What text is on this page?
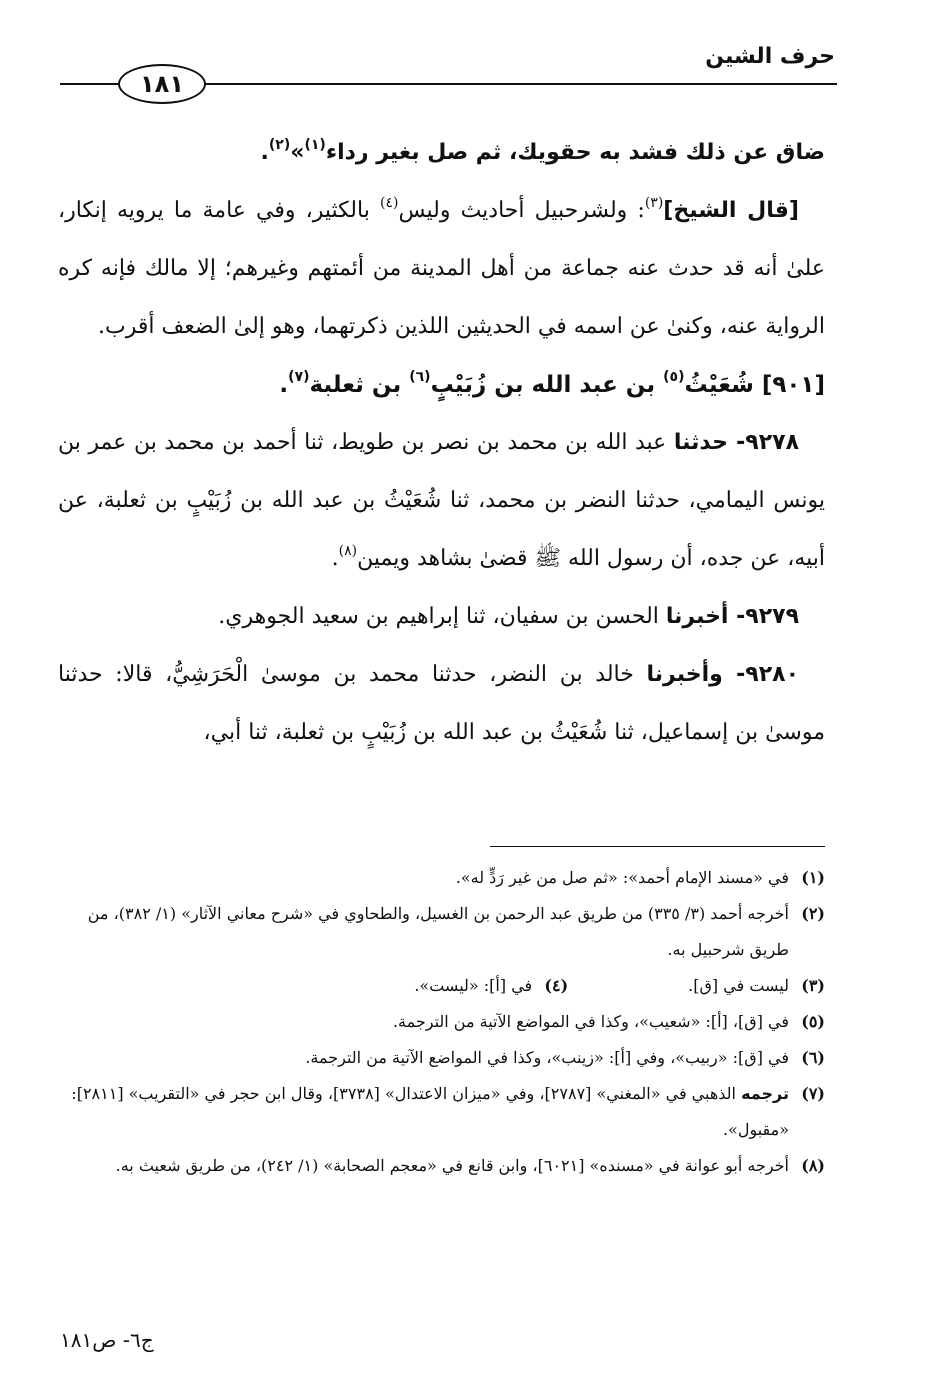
حرف الشين
١٨١

ضاق عن ذلك فشد به حقويك، ثم صل بغير رداء$^{(١)}$»$^{(٢)}$.

[قال الشيخ]$^{(٣)}$: ولشرحبيل أحاديث وليس$^{(٤)}$ بالكثير، وفي عامة ما يرويه إنكار، علىٰ أنه قد حدث عنه جماعة من أهل المدينة من أئمتهم وغيرهم؛ إلا مالك فإنه كره الرواية عنه، وكنىٰ عن اسمه في الحديثين اللذين ذكرتهما، وهو إلىٰ الضعف أقرب.

[٩٠١] شُعَيْثُ$^{(٥)}$ بن عبد الله بن زُبَيْبٍ$^{(٦)}$ بن ثعلبة$^{(٧)}$.

٩٢٧٨- حدثنا عبد الله بن محمد بن نصر بن طويط، ثنا أحمد بن محمد بن عمر بن يونس اليمامي، حدثنا النضر بن محمد، ثنا شُعَيْثُ بن عبد الله بن زُبَيْبٍ بن ثعلبة، عن أبيه، عن جده، أن رسول الله ﷺ قضىٰ بشاهد ويمين$^{(٨)}$.

٩٢٧٩- أخبرنا الحسن بن سفيان، ثنا إبراهيم بن سعيد الجوهري.

٩٢٨٠- وأخبرنا خالد بن النضر، حدثنا محمد بن موسىٰ الْحَرَشِيُّ، قالا: حدثنا موسىٰ بن إسماعيل، ثنا شُعَيْثُ بن عبد الله بن زُبَيْبٍ بن ثعلبة، ثنا أبي،

(١)
في «مسند الإمام أحمد»: «ثم صل من غير رَدٍّ له».

(٢)
أخرجه أحمد (٣/ ٣٣٥) من طريق عبد الرحمن بن الغسيل، والطحاوي في «شرح معاني الآثار» (١/ ٣٨٢)، من طريق شرحبيل به.

(٣)
ليست في [ق].

(٤)
في [أ]: «ليست».

(٥)
في [ق]، [أ]: «شعيب»، وكذا في المواضع الآتية من الترجمة.

(٦)
في [ق]: «ربيب»، وفي [أ]: «زينب»، وكذا في المواضع الآتية من الترجمة.

(٧)
ترجمه الذهبي في «المغني» [٢٧٨٧]، وفي «ميزان الاعتدال» [٣٧٣٨]، وقال ابن حجر في «التقريب» [٢٨١١]: «مقبول».

(٨)
أخرجه أبو عوانة في «مسنده» [٦٠٢١]، وابن قانع في «معجم الصحابة» (١/ ٢٤٢)، من طريق شعيث به.

ج٦- ص١٨١
